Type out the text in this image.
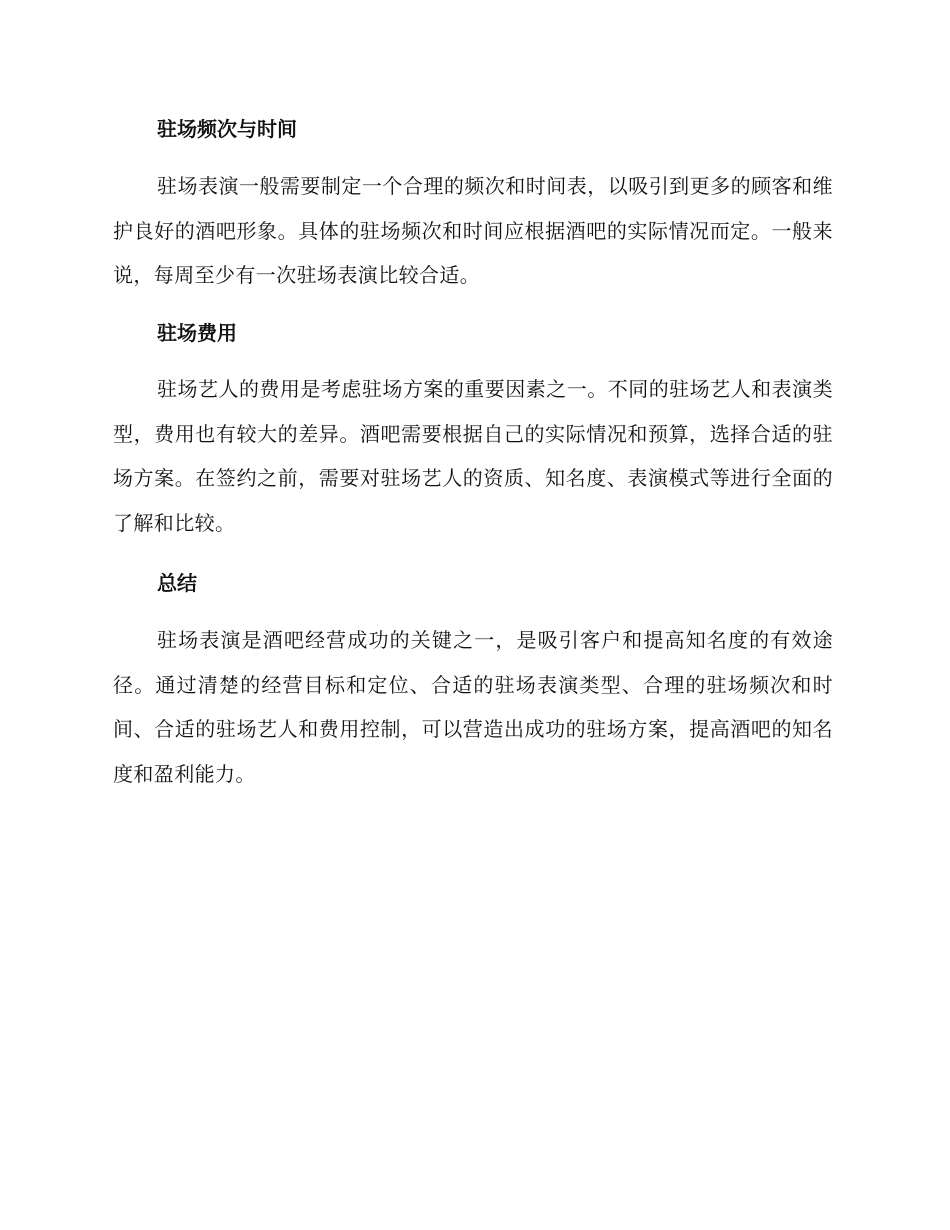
驻场频次与时间

驻场表演一般需要制定一个合理的频次和时间表，以吸引到更多的顾客和维护良好的酒吧形象。具体的驻场频次和时间应根据酒吧的实际情况而定。一般来说，每周至少有一次驻场表演比较合适。

驻场费用

驻场艺人的费用是考虑驻场方案的重要因素之一。不同的驻场艺人和表演类型，费用也有较大的差异。酒吧需要根据自己的实际情况和预算，选择合适的驻场方案。在签约之前，需要对驻场艺人的资质、知名度、表演模式等进行全面的了解和比较。

总结

驻场表演是酒吧经营成功的关键之一，是吸引客户和提高知名度的有效途径。通过清楚的经营目标和定位、合适的驻场表演类型、合理的驻场频次和时间、合适的驻场艺人和费用控制，可以营造出成功的驻场方案，提高酒吧的知名度和盈利能力。
